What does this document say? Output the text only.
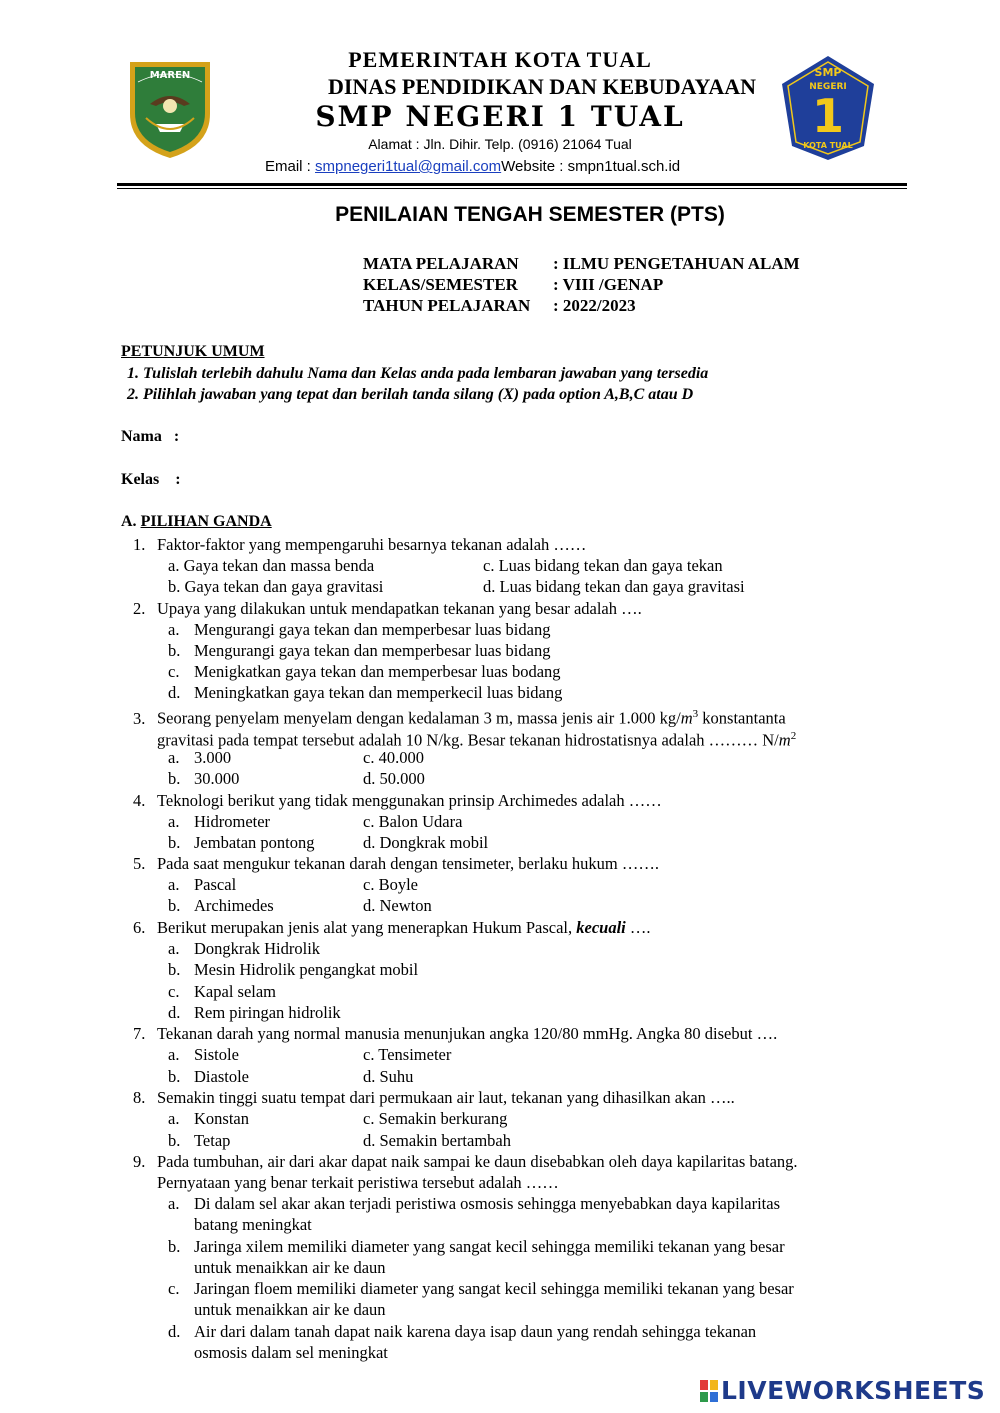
MAREN	SMP
NEGERI
1
KOTA TUAL
PEMERINTAH KOTA TUAL
DINAS PENDIDIKAN DAN KEBUDAYAAN
SMP NEGERI 1 TUAL
Alamat : Jln. Dihir. Telp. (0916) 21064 Tual
Email : smpnegeri1tual@gmail.comWebsite : smpn1tual.sch.id
PENILAIAN TENGAH SEMESTER (PTS)
MATA PELAJARAN : ILMU PENGETAHUAN ALAM
KELAS/SEMESTER : VIII /GENAP
TAHUN PELAJARAN : 2022/2023
PETUNJUK UMUM
1. Tulislah terlebih dahulu Nama dan Kelas anda pada lembaran jawaban yang tersedia
2. Pilihlah jawaban yang tepat dan berilah tanda silang (X) pada option A,B,C atau D
Nama   :
Kelas    :
A. PILIHAN GANDA
1. Faktor-faktor yang mempengaruhi besarnya tekanan adalah ……
a. Gaya tekan dan massa benda	c. Luas bidang tekan dan gaya tekan
b. Gaya tekan dan gaya gravitasi	d. Luas bidang tekan dan gaya gravitasi
2. Upaya yang dilakukan untuk mendapatkan tekanan yang besar adalah ….
a. Mengurangi gaya tekan dan memperbesar luas bidang
b. Mengurangi gaya tekan dan memperbesar luas bidang
c. Menigkatkan gaya tekan dan memperbesar luas bodang
d. Meningkatkan gaya tekan dan memperkecil luas bidang
3. Seorang penyelam menyelam dengan kedalaman 3 m, massa jenis air 1.000 $kg/m^3$ konstantanta
gravitasi pada tempat tersebut adalah 10 N/kg. Besar tekanan hidrostatisnya adalah ……… $N/m^2$
a. 3.000	c. 40.000
b. 30.000	d. 50.000
4. Teknologi berikut yang tidak menggunakan prinsip Archimedes adalah ……
a. Hidrometer	c. Balon Udara
b. Jembatan pontong	d. Dongkrak mobil
5. Pada saat mengukur tekanan darah dengan tensimeter, berlaku hukum …….
a. Pascal	c. Boyle
b. Archimedes	d. Newton
6. Berikut merupakan jenis alat yang menerapkan Hukum Pascal, kecuali ….
a. Dongkrak Hidrolik
b. Mesin Hidrolik pengangkat mobil
c. Kapal selam
d. Rem piringan hidrolik
7. Tekanan darah yang normal manusia menunjukan angka 120/80 mmHg. Angka 80 disebut ….
a. Sistole	c. Tensimeter
b. Diastole	d. Suhu
8. Semakin tinggi suatu tempat dari permukaan air laut, tekanan yang dihasilkan akan …..
a. Konstan	c. Semakin berkurang
b. Tetap	d. Semakin bertambah
9. Pada tumbuhan, air dari akar dapat naik sampai ke daun disebabkan oleh daya kapilaritas batang.
Pernyataan yang benar terkait peristiwa tersebut adalah ……
a. Di dalam sel akar akan terjadi peristiwa osmosis sehingga menyebabkan daya kapilaritas
batang meningkat
b. Jaringa xilem memiliki diameter yang sangat kecil sehingga memiliki tekanan yang besar
untuk menaikkan air ke daun
c. Jaringan floem memiliki diameter yang sangat kecil sehingga memiliki tekanan yang besar
untuk menaikkan air ke daun
d. Air dari dalam tanah dapat naik karena daya isap daun yang rendah sehingga tekanan
osmosis dalam sel meningkat
LIVEWORKSHEETS
